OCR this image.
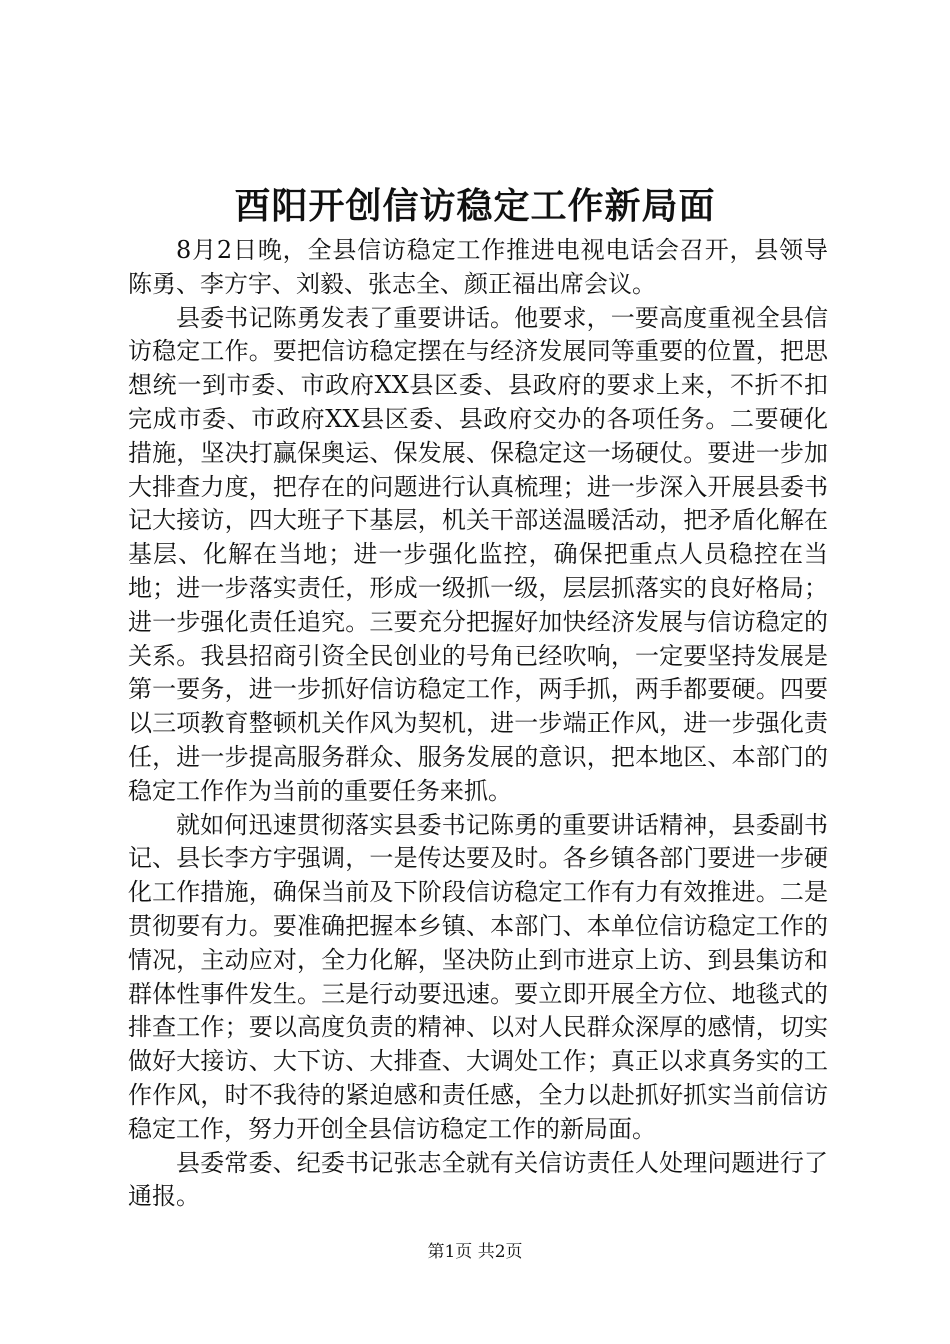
酉阳开创信访稳定工作新局面

8月2日晚，全县信访稳定工作推进电视电话会召开，县领导陈勇、李方宇、刘毅、张志全、颜正福出席会议。

县委书记陈勇发表了重要讲话。他要求，一要高度重视全县信访稳定工作。要把信访稳定摆在与经济发展同等重要的位置，把思想统一到市委、市政府XX县区委、县政府的要求上来，不折不扣完成市委、市政府XX县区委、县政府交办的各项任务。二要硬化措施，坚决打赢保奥运、保发展、保稳定这一场硬仗。要进一步加大排查力度，把存在的问题进行认真梳理；进一步深入开展县委书记大接访，四大班子下基层，机关干部送温暖活动，把矛盾化解在基层、化解在当地；进一步强化监控，确保把重点人员稳控在当地；进一步落实责任，形成一级抓一级，层层抓落实的良好格局；进一步强化责任追究。三要充分把握好加快经济发展与信访稳定的关系。我县招商引资全民创业的号角已经吹响，一定要坚持发展是第一要务，进一步抓好信访稳定工作，两手抓，两手都要硬。四要以三项教育整顿机关作风为契机，进一步端正作风，进一步强化责任，进一步提高服务群众、服务发展的意识，把本地区、本部门的稳定工作作为当前的重要任务来抓。

就如何迅速贯彻落实县委书记陈勇的重要讲话精神，县委副书记、县长李方宇强调，一是传达要及时。各乡镇各部门要进一步硬化工作措施，确保当前及下阶段信访稳定工作有力有效推进。二是贯彻要有力。要准确把握本乡镇、本部门、本单位信访稳定工作的情况，主动应对，全力化解，坚决防止到市进京上访、到县集访和群体性事件发生。三是行动要迅速。要立即开展全方位、地毯式的排查工作；要以高度负责的精神、以对人民群众深厚的感情，切实做好大接访、大下访、大排查、大调处工作；真正以求真务实的工作作风，时不我待的紧迫感和责任感，全力以赴抓好抓实当前信访稳定工作，努力开创全县信访稳定工作的新局面。

县委常委、纪委书记张志全就有关信访责任人处理问题进行了通报。

第1页 共2页
